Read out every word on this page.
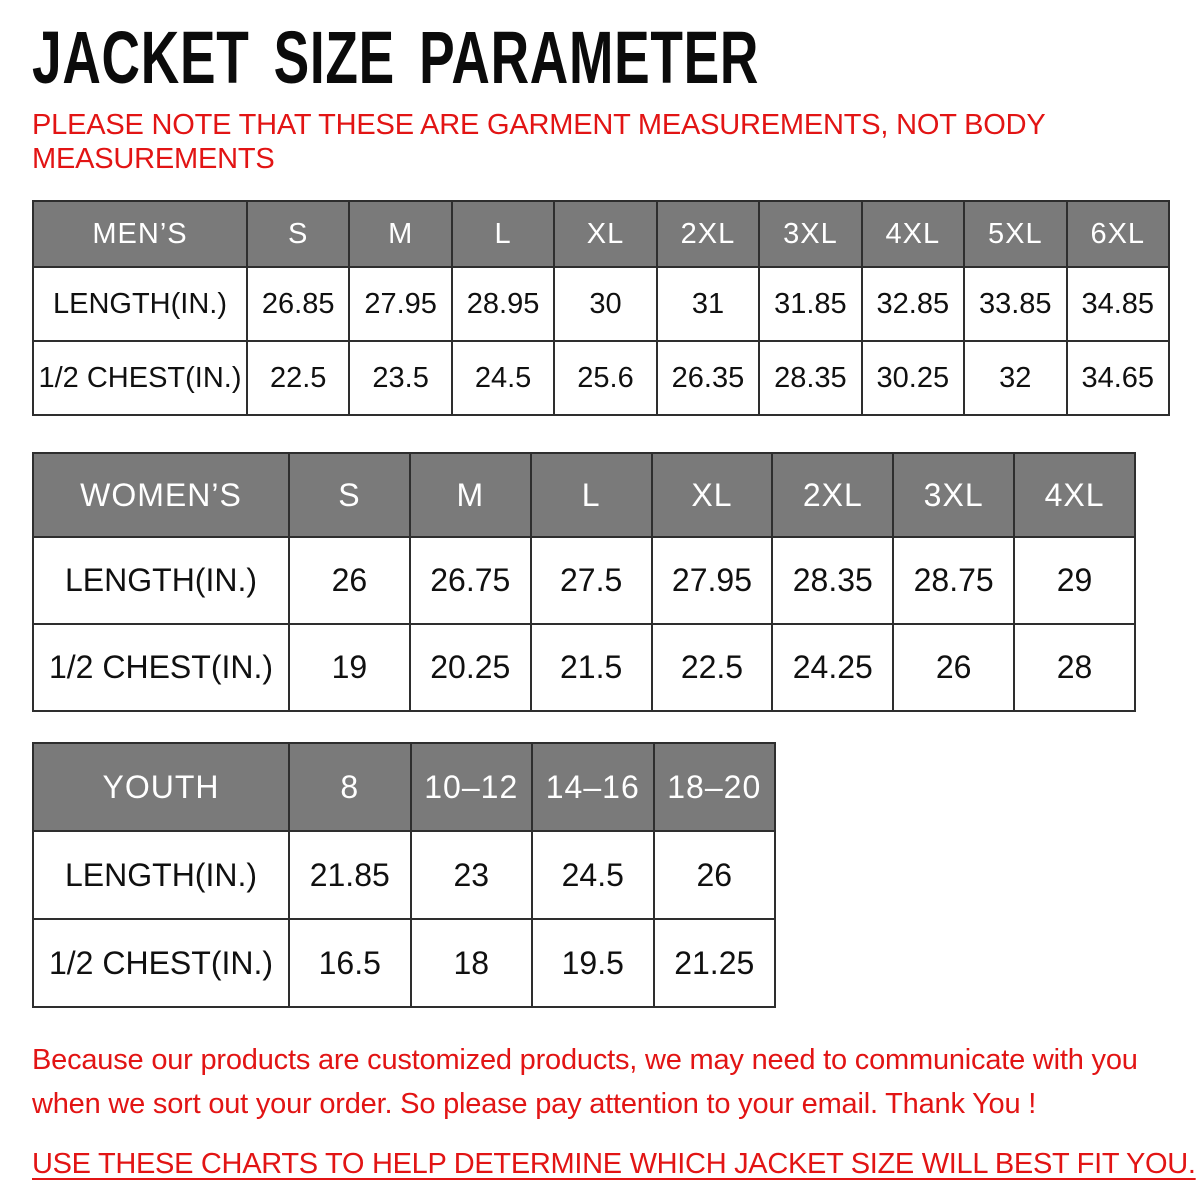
JACKET SIZE PARAMETER
PLEASE NOTE THAT THESE ARE GARMENT MEASUREMENTS, NOT BODY
MEASUREMENTS
MEN’S	S	M	L	XL	2XL	3XL	4XL	5XL	6XL
LENGTH(IN.)	26.85	27.95	28.95	30	31	31.85	32.85	33.85	34.85
1/2 CHEST(IN.)	22.5	23.5	24.5	25.6	26.35	28.35	30.25	32	34.65
WOMEN’S	S	M	L	XL	2XL	3XL	4XL
LENGTH(IN.)	26	26.75	27.5	27.95	28.35	28.75	29
1/2 CHEST(IN.)	19	20.25	21.5	22.5	24.25	26	28
YOUTH	8	10–12	14–16	18–20
LENGTH(IN.)	21.85	23	24.5	26
1/2 CHEST(IN.)	16.5	18	19.5	21.25

Because our products are customized products, we may need to communicate with you
when we sort out your order. So please pay attention to your email. Thank You !

USE THESE CHARTS TO HELP DETERMINE WHICH JACKET SIZE WILL BEST FIT YOU.
